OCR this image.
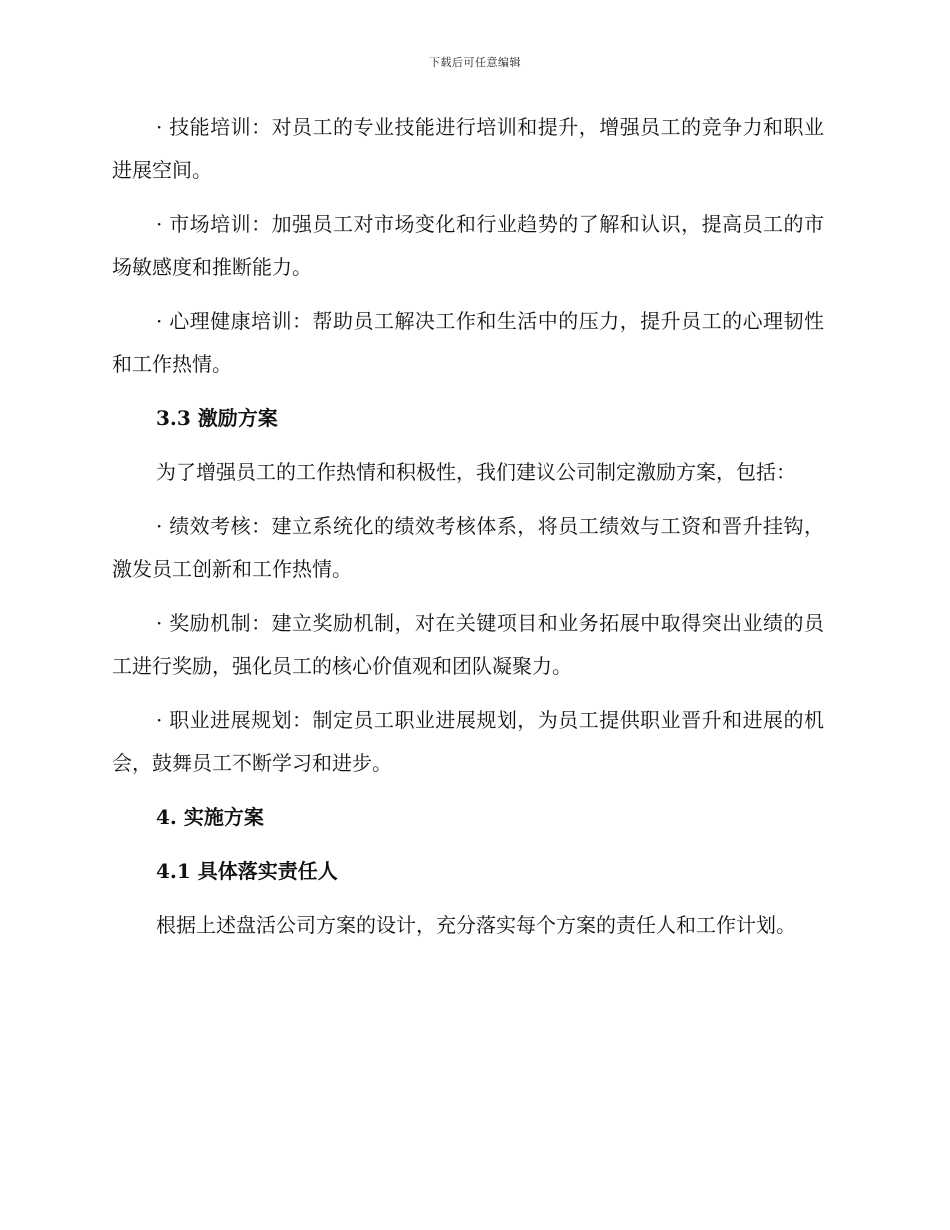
下载后可任意编辑

· 技能培训：对员工的专业技能进行培训和提升，增强员工的竞争力和职业进展空间。

· 市场培训：加强员工对市场变化和行业趋势的了解和认识，提高员工的市场敏感度和推断能力。

· 心理健康培训：帮助员工解决工作和生活中的压力，提升员工的心理韧性和工作热情。

3.3 激励方案

为了增强员工的工作热情和积极性，我们建议公司制定激励方案，包括：

· 绩效考核：建立系统化的绩效考核体系，将员工绩效与工资和晋升挂钩，激发员工创新和工作热情。

· 奖励机制：建立奖励机制，对在关键项目和业务拓展中取得突出业绩的员工进行奖励，强化员工的核心价值观和团队凝聚力。

· 职业进展规划：制定员工职业进展规划，为员工提供职业晋升和进展的机会，鼓舞员工不断学习和进步。

4. 实施方案
4.1 具体落实责任人

根据上述盘活公司方案的设计，充分落实每个方案的责任人和工作计划。
